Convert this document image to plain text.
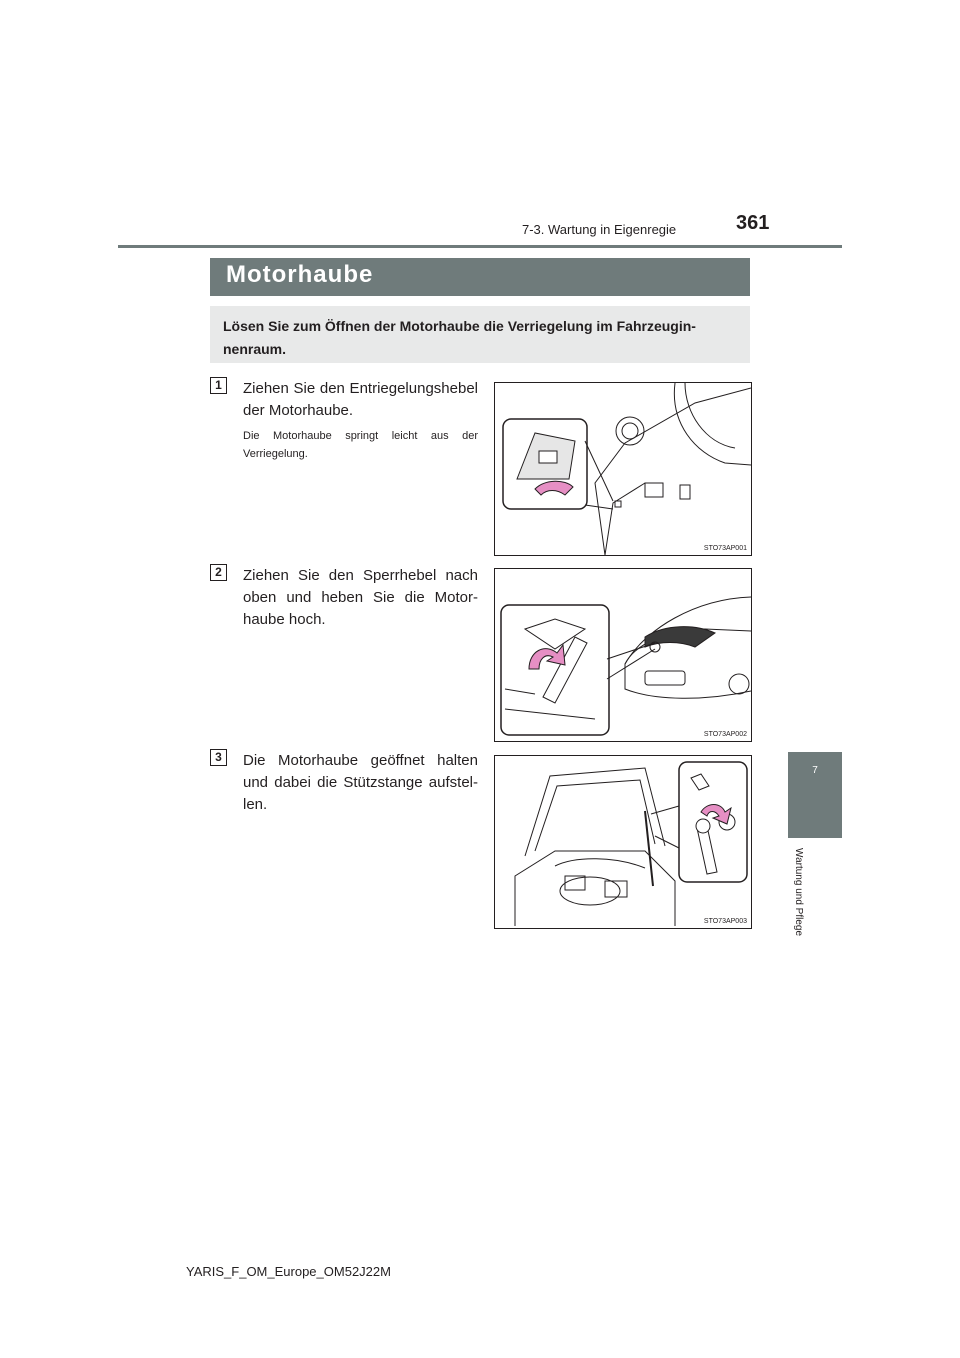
7-3. Wartung in Eigenregie	361
Motorhaube
Lösen Sie zum Öffnen der Motorhaube die Verriegelung im Fahrzeugin-nenraum.
1	Ziehen Sie den Entriegelungshebel der Motorhaube.
Die Motorhaube springt leicht aus der Verriegelung.
STO73AP001
2	Ziehen Sie den Sperrhebel nach oben und heben Sie die Motor-haube hoch.
STO73AP002
3	Die Motorhaube geöffnet halten und dabei die Stützstange aufstel-len.
STO73AP003
7
Wartung und Pflege
YARIS_F_OM_Europe_OM52J22M
